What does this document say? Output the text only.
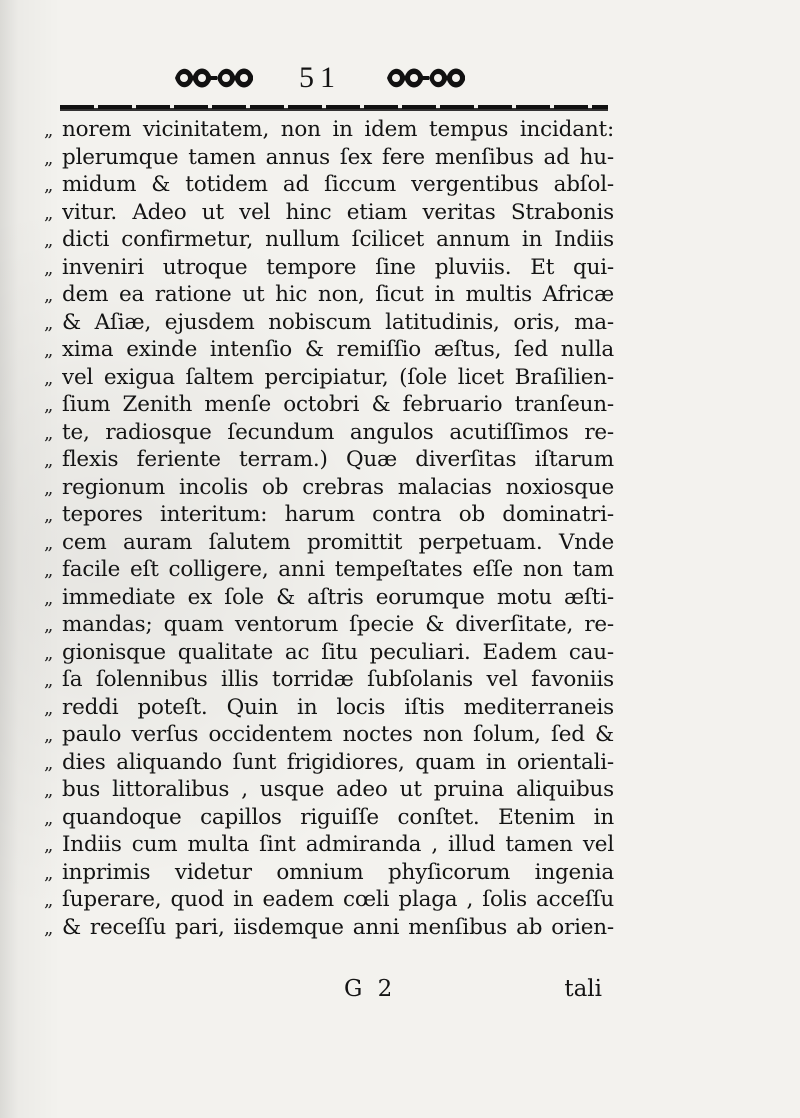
51
„ norem vicinitatem, non in idem tempus incidant:
„ plerumque tamen annus ſex fere menſibus ad hu-
„ midum & totidem ad ſiccum vergentibus abſol-
„ vitur. Adeo ut vel hinc etiam veritas Strabonis
„ dicti confirmetur, nullum ſcilicet annum in Indiis
„ inveniri utroque tempore ſine pluviis. Et qui-
„ dem ea ratione ut hic non, ſicut in multis Africæ
„ & Aſiæ, ejusdem nobiscum latitudinis, oris, ma-
„ xima exinde intenſio & remiſſio æſtus, ſed nulla
„ vel exigua ſaltem percipiatur, (ſole licet Braſilien-
„ ſium Zenith menſe octobri & februario tranſeun-
„ te, radiosque ſecundum angulos acutiſſimos re-
„ flexis feriente terram.) Quæ diverſitas iſtarum
„ regionum incolis ob crebras malacias noxiosque
„ tepores interitum: harum contra ob dominatri-
„ cem auram ſalutem promittit perpetuam. Vnde
„ facile eſt colligere, anni tempeſtates eſſe non tam
„ immediate ex ſole & aſtris eorumque motu æſti-
„ mandas; quam ventorum ſpecie & diverſitate, re-
„ gionisque qualitate ac ſitu peculiari. Eadem cau-
„ ſa ſolennibus illis torridæ ſubſolanis vel favoniis
„ reddi poteſt. Quin in locis iſtis mediterraneis
„ paulo verſus occidentem noctes non ſolum, ſed &
„ dies aliquando ſunt frigidiores, quam in orientali-
„ bus littoralibus , usque adeo ut pruina aliquibus
„ quandoque capillos riguiſſe conſtet. Etenim in
„ Indiis cum multa ſint admiranda , illud tamen vel
„ inprimis videtur omnium phyſicorum ingenia
„ ſuperare, quod in eadem cœli plaga , ſolis acceſſu
„ & receſſu pari, iisdemque anni menſibus ab orien-
G 2	tali
